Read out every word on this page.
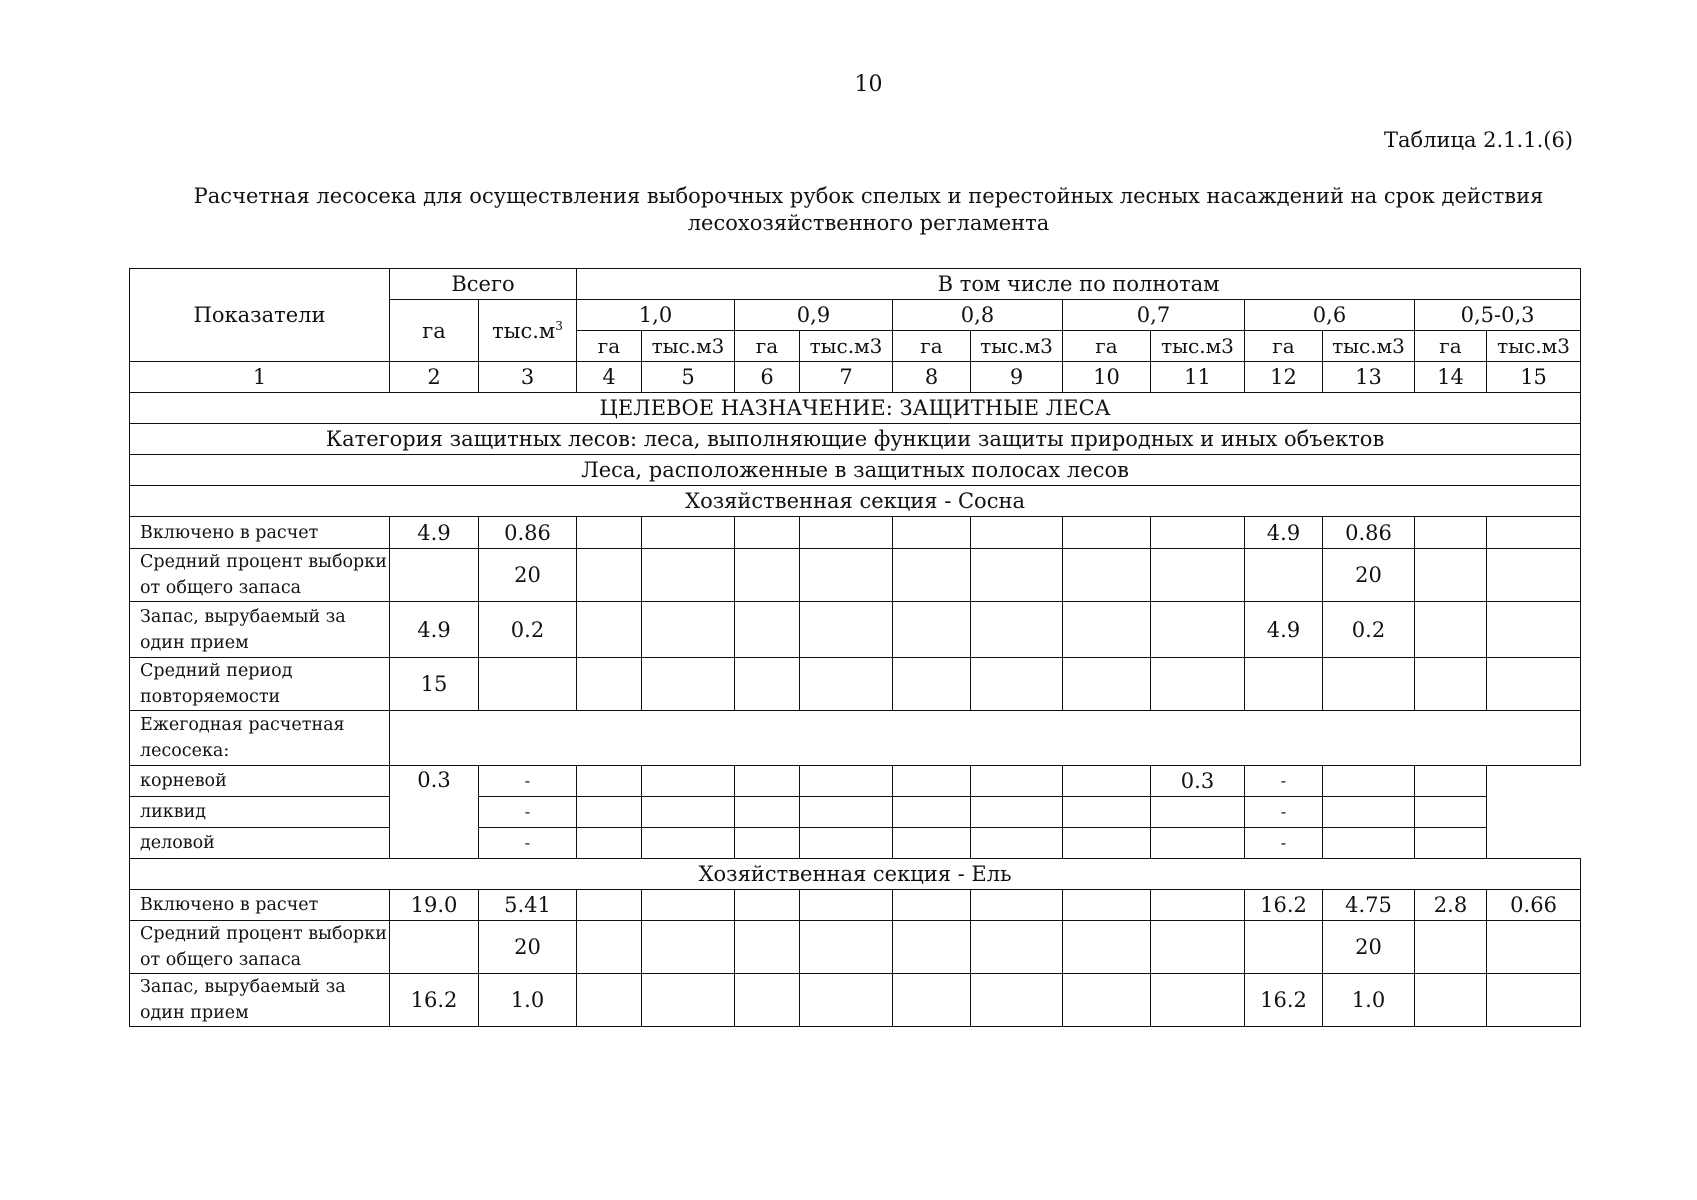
10
Таблица 2.1.1.(6)
Расчетная лесосека для осуществления выборочных рубок спелых и перестойных лесных насаждений на срок действия
лесохозяйственного регламента
Показатели	Всего		В том числе по полнотам											
	га	$тыс.м^3$	1,0		0,9		0,8		0,7		0,6		0,5-0,3	
			га	тыс.м3	га	тыс.м3	га	тыс.м3	га	тыс.м3	га	тыс.м3	га	тыс.м3
1	2	3	4	5	6	7	8	9	10	11	12	13	14	15
ЦЕЛЕВОЕ НАЗНАЧЕНИЕ: ЗАЩИТНЫЕ ЛЕСА														
Категория защитных лесов: леса, выполняющие функции защиты природных и иных объектов														
Леса, расположенные в защитных полосах лесов														
Хозяйственная секция - Сосна														
Включено в расчет	4.9	0.86									4.9	0.86		
Средний процент выборки
от общего запаса		20										20		
Запас, вырубаемый за
один прием	4.9	0.2									4.9	0.2		
Средний период
повторяемости	15													
Ежегодная расчетная
лесосека:														
корневой	0.3	-								0.3	-			
ликвид		-									-			
деловой		-									-			
Хозяйственная секция - Ель														
Включено в расчет	19.0	5.41									16.2	4.75	2.8	0.66
Средний процент выборки
от общего запаса		20										20		
Запас, вырубаемый за
один прием	16.2	1.0									16.2	1.0		
